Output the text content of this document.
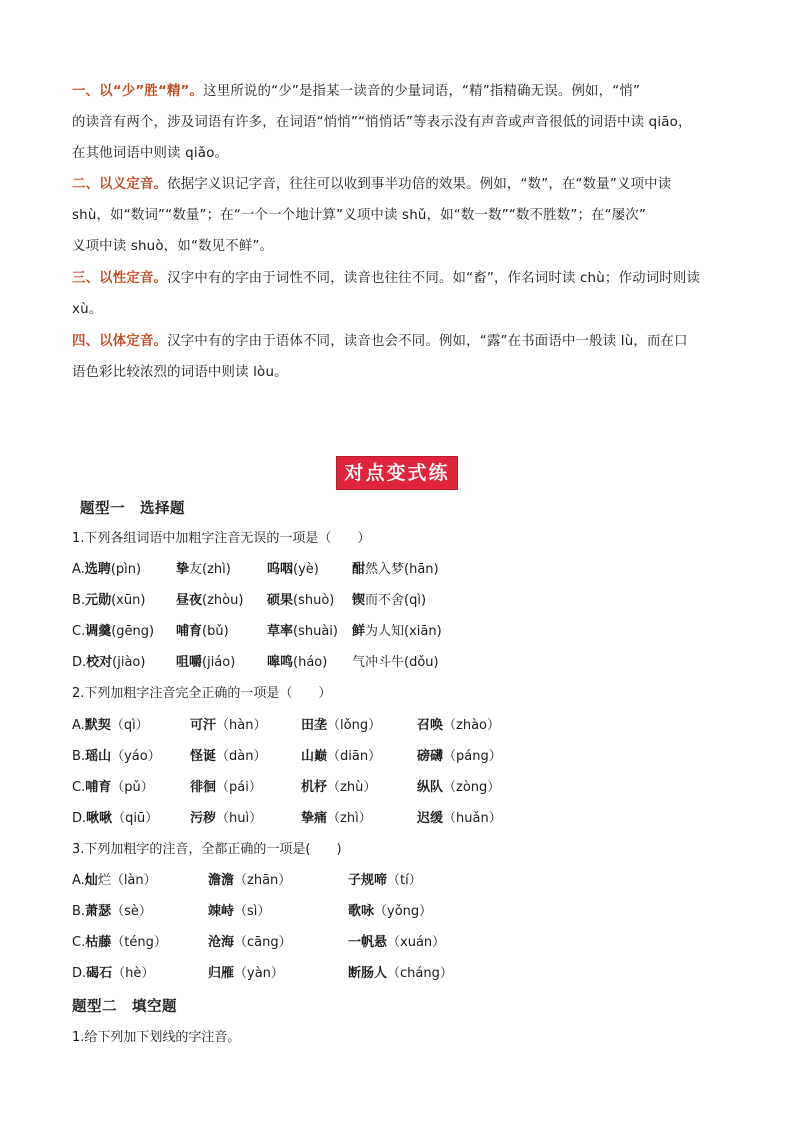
一、以“少”胜“精”。这里所说的“少”是指某一读音的少量词语，“精”指精确无误。例如，“悄”
的读音有两个，涉及词语有许多，在词语“悄悄”“悄悄话”等表示没有声音或声音很低的词语中读 qiāo，
在其他词语中则读 qiǎo。

二、以义定音。依据字义识记字音，往往可以收到事半功倍的效果。例如，“数”，在“数量”义项中读
shù，如“数词”“数量”；在“一个一个地计算”义项中读 shǔ，如“数一数”“数不胜数”；在“屡次”
义项中读 shuò，如“数见不鲜”。

三、以性定音。汉字中有的字由于词性不同，读音也往往不同。如“畜”，作名词时读 chù；作动词时则读
xù。

四、以体定音。汉字中有的字由于语体不同，读音也会不同。例如，“露”在书面语中一般读 lù，而在口
语色彩比较浓烈的词语中则读 lòu。

对点变式练

题型一　选择题

1.下列各组词语中加粗字注音无误的一项是（　　）

A.选聘(pìn)	挚友(zhì)	呜咽(yè)	酣然入梦(hān)
B.元勋(xūn) 昼夜(zhòu) 硕果(shuò) 锲而不舍(qì)
C.调羹(gēng) 哺育(bǔ)	草率(shuài) 鲜为人知(xiān)
D.校对(jiào) 咀嚼(jiáo) 嗥鸣(háo) 气冲斗牛(dǒu)

2.下列加粗字注音完全正确的一项是（　　）

A.默契（qì）	可汗（hàn）	田垄（lǒng）	召唤（zhào）
B.瑶山（yáo） 怪诞（dàn）	山巅（diān）	磅礴（páng）
C.哺育（pǔ）	徘徊（pái）	机杼（zhù）	纵队（zòng）
D.啾啾（qiū） 污秽（huì）	挚痛（zhì）	迟缓（huǎn）

3.下列加粗字的注音，全都正确的一项是(　　)

A.灿烂（làn）	澹澹（zhān）	子规啼（tí）
B.萧瑟（sè）	竦峙（sì）	歌咏（yǒng）
C.枯藤（téng）	沧海（cāng）	一帆悬（xuán）
D.碣石（hè）	归雁（yàn）	断肠人（cháng）

题型二　填空题

1.给下列加下划线的字注音。
